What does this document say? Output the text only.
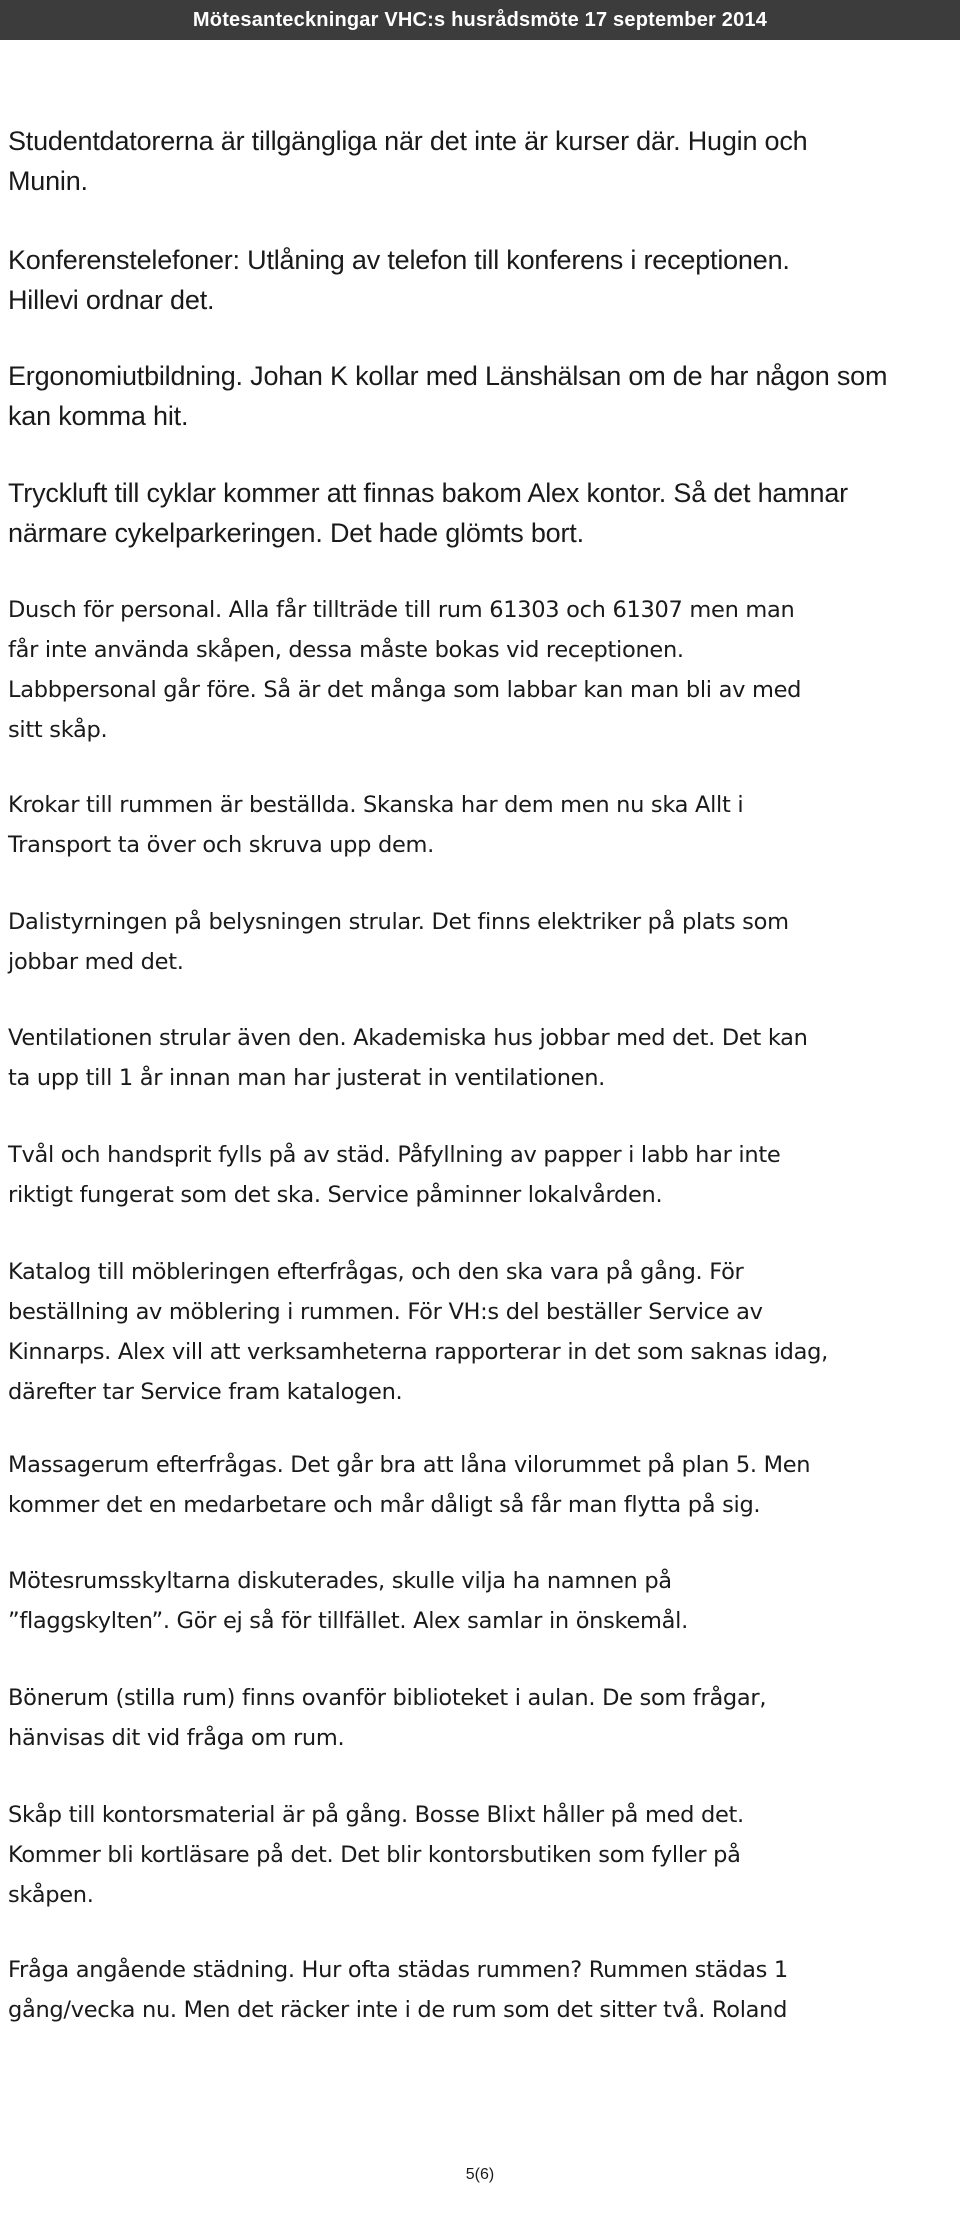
Mötesanteckningar VHC:s husrådsmöte 17 september 2014

Studentdatorerna är tillgängliga när det inte är kurser där. Hugin och
Munin.

Konferenstelefoner: Utlåning av telefon till konferens i receptionen.
Hillevi ordnar det.

Ergonomiutbildning. Johan K kollar med Länshälsan om de har någon som
kan komma hit.

Tryckluft till cyklar kommer att finnas bakom Alex kontor. Så det hamnar
närmare cykelparkeringen. Det hade glömts bort.

Dusch för personal. Alla får tillträde till rum 61303 och 61307 men man
får inte använda skåpen, dessa måste bokas vid receptionen.
Labbpersonal går före. Så är det många som labbar kan man bli av med
sitt skåp.

Krokar till rummen är beställda. Skanska har dem men nu ska Allt i
Transport ta över och skruva upp dem.

Dalistyrningen på belysningen strular. Det finns elektriker på plats som
jobbar med det.

Ventilationen strular även den. Akademiska hus jobbar med det. Det kan
ta upp till 1 år innan man har justerat in ventilationen.

Tvål och handsprit fylls på av städ. Påfyllning av papper i labb har inte
riktigt fungerat som det ska. Service påminner lokalvården.

Katalog till möbleringen efterfrågas, och den ska vara på gång. För
beställning av möblering i rummen. För VH:s del beställer Service av
Kinnarps. Alex vill att verksamheterna rapporterar in det som saknas idag,
därefter tar Service fram katalogen.

Massagerum efterfrågas. Det går bra att låna vilorummet på plan 5. Men
kommer det en medarbetare och mår dåligt så får man flytta på sig.

Mötesrumsskyltarna diskuterades, skulle vilja ha namnen på
”flaggskylten”. Gör ej så för tillfället. Alex samlar in önskemål.

Bönerum (stilla rum) finns ovanför biblioteket i aulan. De som frågar,
hänvisas dit vid fråga om rum.

Skåp till kontorsmaterial är på gång. Bosse Blixt håller på med det.
Kommer bli kortläsare på det. Det blir kontorsbutiken som fyller på
skåpen.

Fråga angående städning. Hur ofta städas rummen? Rummen städas 1
gång/vecka nu. Men det räcker inte i de rum som det sitter två. Roland

5(6)
